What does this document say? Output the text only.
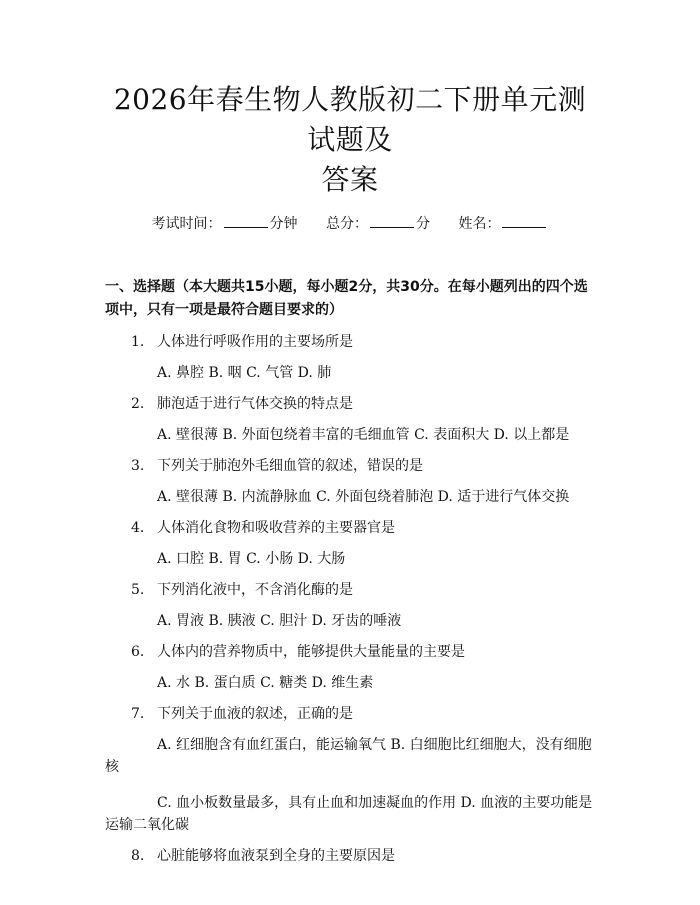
2026年春生物人教版初二下册单元测试题及
答案
考试时间：	分钟 总分：	分 姓名：
一、选择题（本大题共15小题，每小题2分，共30分。在每小题列出的四个选项中，只有一项是最符合题目要求的）
1. 人体进行呼吸作用的主要场所是
A. 鼻腔 B. 咽 C. 气管 D. 肺
2. 肺泡适于进行气体交换的特点是
A. 壁很薄 B. 外面包绕着丰富的毛细血管 C. 表面积大 D. 以上都是
3. 下列关于肺泡外毛细血管的叙述，错误的是
A. 壁很薄 B. 内流静脉血 C. 外面包绕着肺泡 D. 适于进行气体交换
4. 人体消化食物和吸收营养的主要器官是
A. 口腔 B. 胃 C. 小肠 D. 大肠
5. 下列消化液中，不含消化酶的是
A. 胃液 B. 胰液 C. 胆汁 D. 牙齿的唾液
6. 人体内的营养物质中，能够提供大量能量的主要是
A. 水 B. 蛋白质 C. 糖类 D. 维生素
7. 下列关于血液的叙述，正确的是
A. 红细胞含有血红蛋白，能运输氧气 B. 白细胞比红细胞大，没有细胞核
C. 血小板数量最多，具有止血和加速凝血的作用 D. 血液的主要功能是运输二氧化碳
8. 心脏能够将血液泵到全身的主要原因是
